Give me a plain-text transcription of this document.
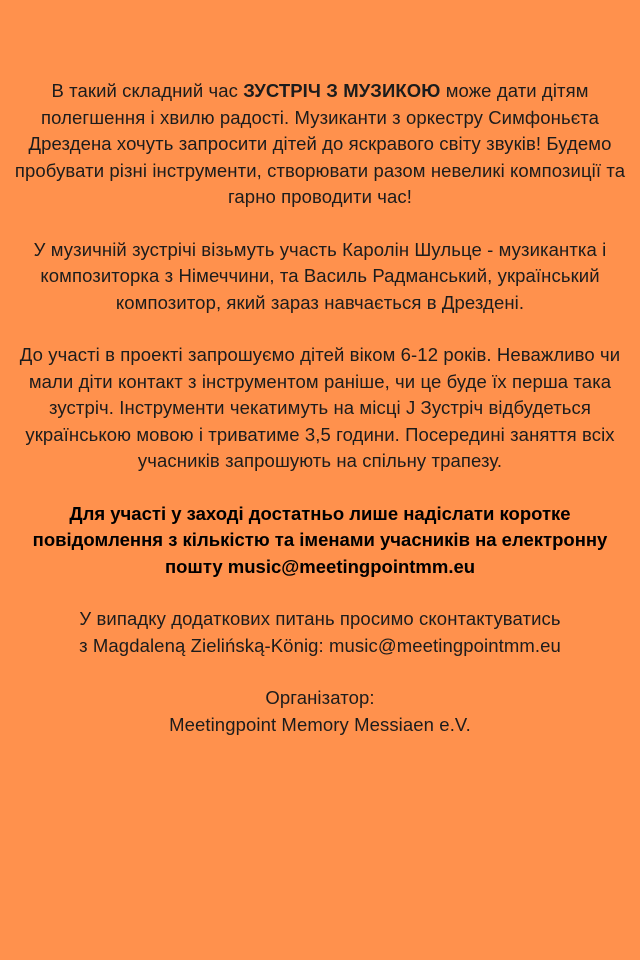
В такий складний час ЗУСТРІЧ З МУЗИКОЮ може дати дітям полегшення і хвилю радості. Музиканти з оркестру Симфоньєта Дрездена хочуть запросити дітей до яскравого світу звуків! Будемо пробувати різні інструменти, створювати разом невеликі композиції та гарно проводити час!

У музичній зустрічі візьмуть участь Каролін Шульце - музикантка і композиторка з Німеччини, та Василь Радманський, український композитор, який зараз навчається в Дрездені.

До участі в проекті запрошуємо дітей віком 6-12 років. Неважливо чи мали діти контакт з інструментом раніше, чи це буде їх перша така зустріч. Інструменти чекатимуть на місці J Зустріч відбудеться українською мовою і триватиме 3,5 години. Посередині заняття всіх учасників запрошують на спільну трапезу.

Для участі у заході достатньо лише надіслати коротке повідомлення з кількістю та іменами учасників на електронну пошту music@meetingpointmm.eu

У випадку додаткових питань просимо сконтактуватись
з Magdaleną Zielińską-König: music@meetingpointmm.eu

Організатор:
Meetingpoint Memory Messiaen e.V.
